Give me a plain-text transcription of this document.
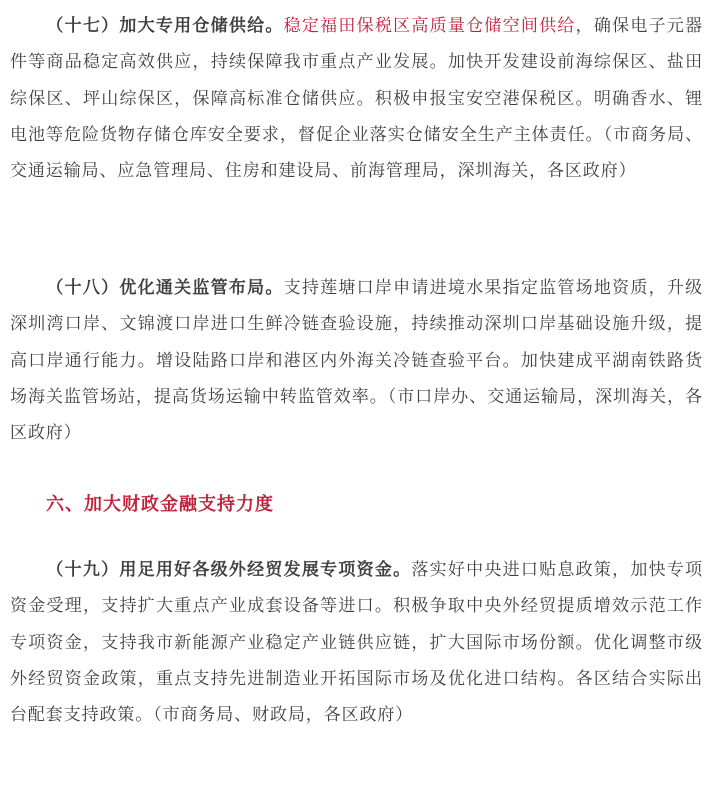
（十七）加大专用仓储供给。稳定福田保税区高质量仓储空间供给，确保电子元器件等商品稳定高效供应，持续保障我市重点产业发展。加快开发建设前海综保区、盐田综保区、坪山综保区，保障高标准仓储供应。积极申报宝安空港保税区。明确香水、锂电池等危险货物存储仓库安全要求，督促企业落实仓储安全生产主体责任。（市商务局、交通运输局、应急管理局、住房和建设局、前海管理局，深圳海关，各区政府）

（十八）优化通关监管布局。支持莲塘口岸申请进境水果指定监管场地资质，升级深圳湾口岸、文锦渡口岸进口生鲜冷链查验设施，持续推动深圳口岸基础设施升级，提高口岸通行能力。增设陆路口岸和港区内外海关冷链查验平台。加快建成平湖南铁路货场海关监管场站，提高货场运输中转监管效率。（市口岸办、交通运输局，深圳海关，各区政府）

六、加大财政金融支持力度

（十九）用足用好各级外经贸发展专项资金。落实好中央进口贴息政策，加快专项资金受理，支持扩大重点产业成套设备等进口。积极争取中央外经贸提质增效示范工作专项资金，支持我市新能源产业稳定产业链供应链，扩大国际市场份额。优化调整市级外经贸资金政策，重点支持先进制造业开拓国际市场及优化进口结构。各区结合实际出台配套支持政策。（市商务局、财政局，各区政府）
